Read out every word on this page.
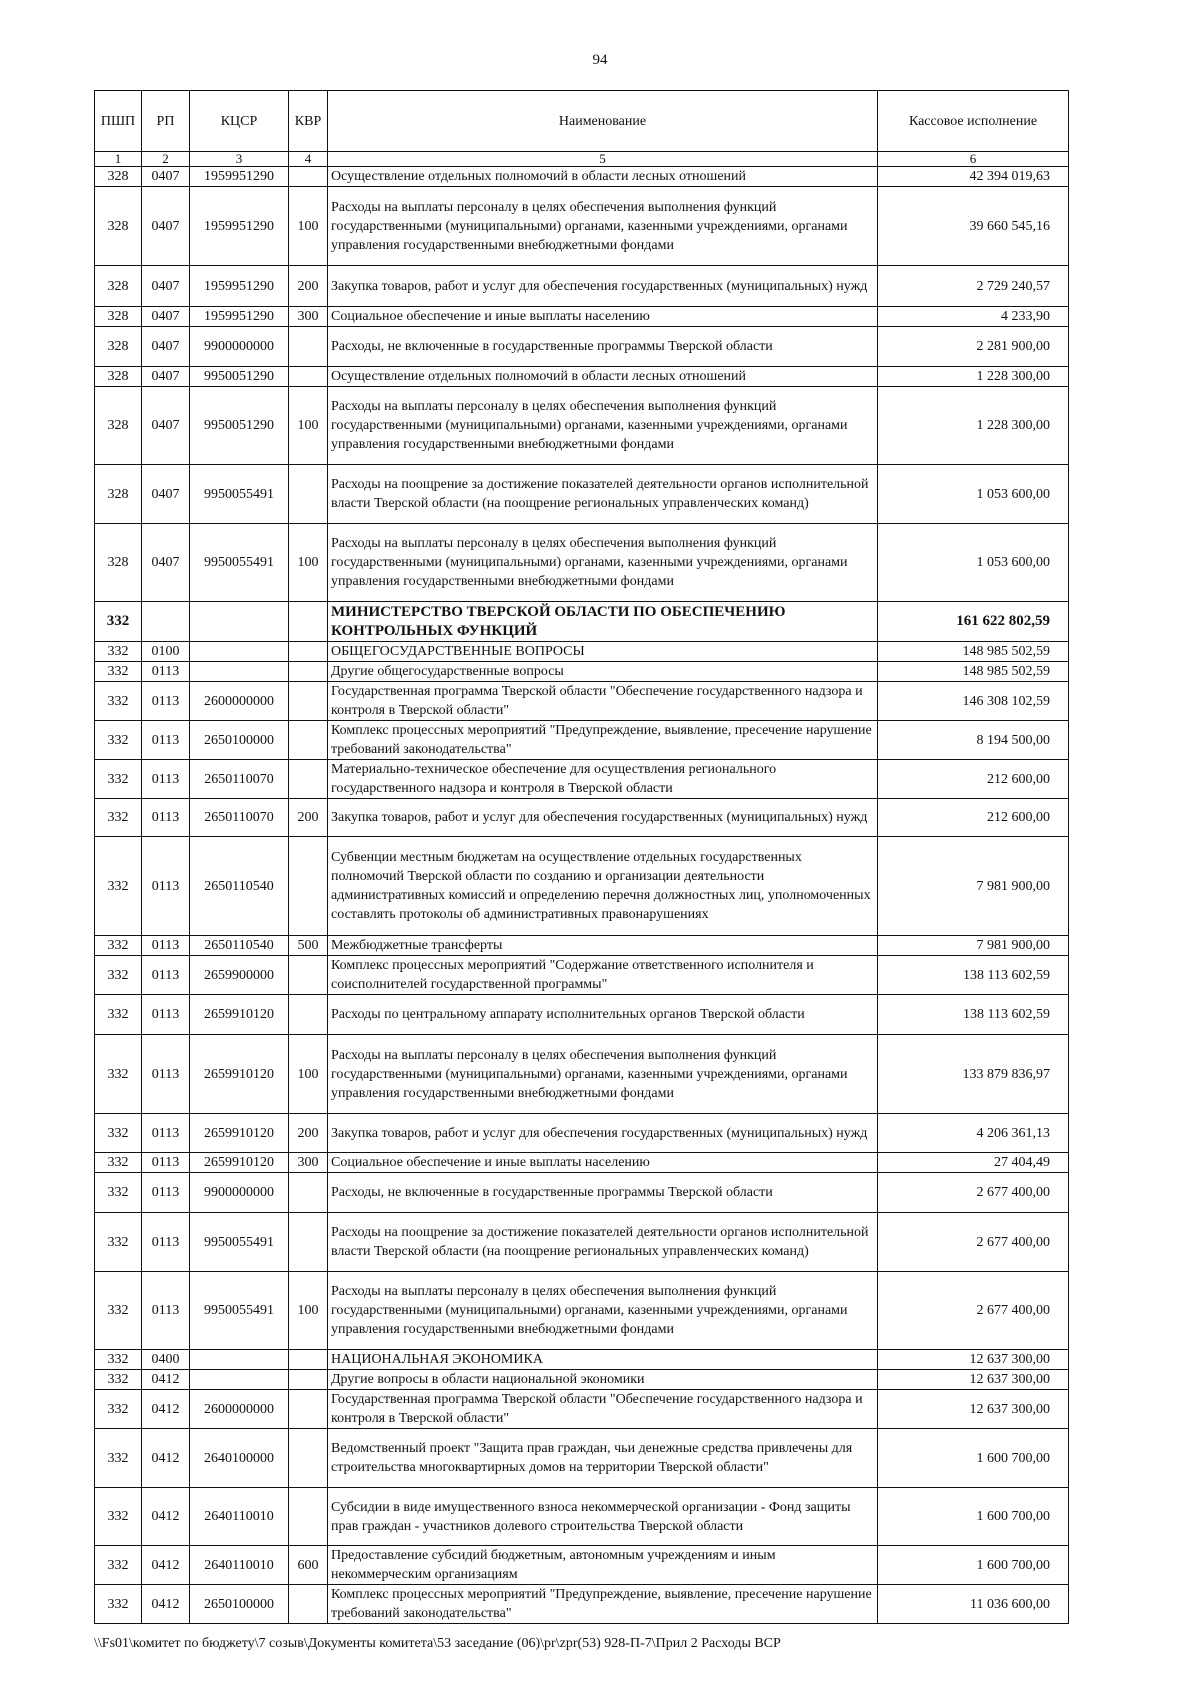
94
ПШП	РП	КЦСР	КВР	Наименование	Кассовое исполнение
1	2	3	4	5	6
328	0407	1959951290		Осуществление отдельных полномочий в области лесных отношений	42 394 019,63
328	0407	1959951290	100	Расходы на выплаты персоналу в целях обеспечения выполнения функций государственными (муниципальными) органами, казенными учреждениями, органами управления государственными внебюджетными фондами	39 660 545,16
328	0407	1959951290	200	Закупка товаров, работ и услуг для обеспечения государственных (муниципальных) нужд	2 729 240,57
328	0407	1959951290	300	Социальное обеспечение и иные выплаты населению	4 233,90
328	0407	9900000000		Расходы, не включенные в государственные программы Тверской области	2 281 900,00
328	0407	9950051290		Осуществление отдельных полномочий в области лесных отношений	1 228 300,00
328	0407	9950051290	100	Расходы на выплаты персоналу в целях обеспечения выполнения функций государственными (муниципальными) органами, казенными учреждениями, органами управления государственными внебюджетными фондами	1 228 300,00
328	0407	9950055491		Расходы на поощрение за достижение показателей деятельности органов исполнительной власти Тверской области (на поощрение региональных управленческих команд)	1 053 600,00
328	0407	9950055491	100	Расходы на выплаты персоналу в целях обеспечения выполнения функций государственными (муниципальными) органами, казенными учреждениями, органами управления государственными внебюджетными фондами	1 053 600,00
332				МИНИСТЕРСТВО ТВЕРСКОЙ ОБЛАСТИ ПО ОБЕСПЕЧЕНИЮ КОНТРОЛЬНЫХ ФУНКЦИЙ	161 622 802,59
332	0100			ОБЩЕГОСУДАРСТВЕННЫЕ ВОПРОСЫ	148 985 502,59
332	0113			Другие общегосударственные вопросы	148 985 502,59
332	0113	2600000000		Государственная программа Тверской области "Обеспечение государственного надзора и контроля в Тверской области"	146 308 102,59
332	0113	2650100000		Комплекс процессных мероприятий "Предупреждение, выявление, пресечение нарушение требований законодательства"	8 194 500,00
332	0113	2650110070		Материально-техническое обеспечение для осуществления регионального государственного надзора и контроля в Тверской области	212 600,00
332	0113	2650110070	200	Закупка товаров, работ и услуг для обеспечения государственных (муниципальных) нужд	212 600,00
332	0113	2650110540		Субвенции местным бюджетам на осуществление отдельных государственных полномочий Тверской области по созданию и организации деятельности административных комиссий и определению перечня должностных лиц, уполномоченных составлять протоколы об административных правонарушениях	7 981 900,00
332	0113	2650110540	500	Межбюджетные трансферты	7 981 900,00
332	0113	2659900000		Комплекс процессных мероприятий "Содержание ответственного исполнителя и соисполнителей государственной программы"	138 113 602,59
332	0113	2659910120		Расходы по центральному аппарату исполнительных органов Тверской области	138 113 602,59
332	0113	2659910120	100	Расходы на выплаты персоналу в целях обеспечения выполнения функций государственными (муниципальными) органами, казенными учреждениями, органами управления государственными внебюджетными фондами	133 879 836,97
332	0113	2659910120	200	Закупка товаров, работ и услуг для обеспечения государственных (муниципальных) нужд	4 206 361,13
332	0113	2659910120	300	Социальное обеспечение и иные выплаты населению	27 404,49
332	0113	9900000000		Расходы, не включенные в государственные программы Тверской области	2 677 400,00
332	0113	9950055491		Расходы на поощрение за достижение показателей деятельности органов исполнительной власти Тверской области (на поощрение региональных управленческих команд)	2 677 400,00
332	0113	9950055491	100	Расходы на выплаты персоналу в целях обеспечения выполнения функций государственными (муниципальными) органами, казенными учреждениями, органами управления государственными внебюджетными фондами	2 677 400,00
332	0400			НАЦИОНАЛЬНАЯ ЭКОНОМИКА	12 637 300,00
332	0412			Другие вопросы в области национальной экономики	12 637 300,00
332	0412	2600000000		Государственная программа Тверской области "Обеспечение государственного надзора и контроля в Тверской области"	12 637 300,00
332	0412	2640100000		Ведомственный проект "Защита прав граждан, чьи денежные средства привлечены для строительства многоквартирных домов на территории Тверской области"	1 600 700,00
332	0412	2640110010		Субсидии в виде имущественного взноса некоммерческой организации - Фонд защиты прав граждан - участников долевого строительства Тверской области	1 600 700,00
332	0412	2640110010	600	Предоставление субсидий бюджетным, автономным учреждениям и иным некоммерческим организациям	1 600 700,00
332	0412	2650100000		Комплекс процессных мероприятий "Предупреждение, выявление, пресечение нарушение требований законодательства"	11 036 600,00
\\Fs01\комитет по бюджету\7 созыв\Документы комитета\53 заседание (06)\pr\zpr(53) 928-П-7\Прил 2 Расходы ВСР
